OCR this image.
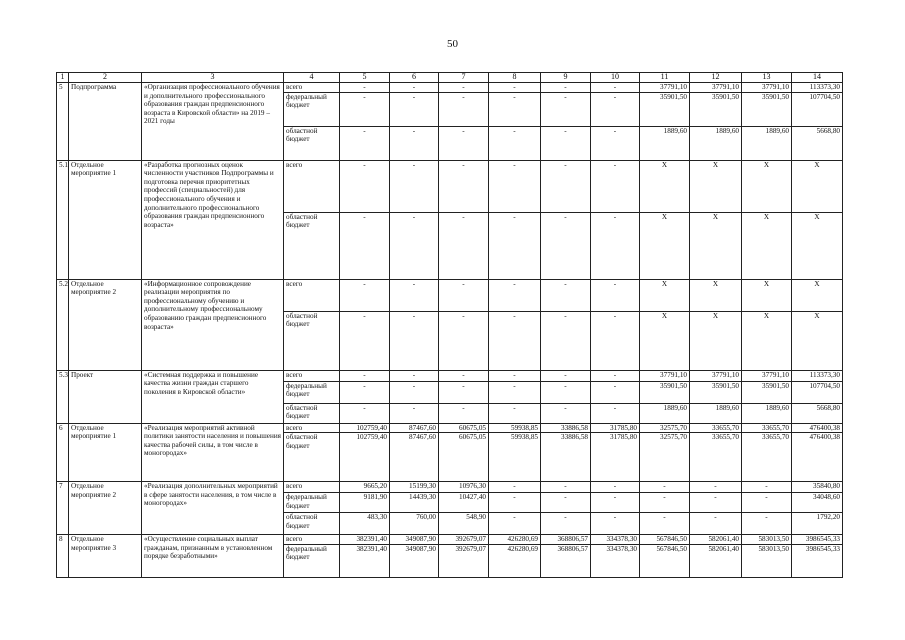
50
1	2	3	4	5	6	7	8	9	10	11	12	13	14
5	Подпрограмма	«Организация профессионального обучения и дополнительного профессионального образования граждан предпенсионного возраста в Кировской области» на 2019 – 2021 годы	всего	-	-	-	-	-	-	37791,10	37791,10	37791,10	113373,30
			федеральный бюджет	-	-	-	-	-	-	35901,50	35901,50	35901,50	107704,50
			областной бюджет	-	-	-	-	-	-	1889,60	1889,60	1889,60	5668,80
5.1	Отдельное мероприятие 1	«Разработка прогнозных оценок численности участников Подпрограммы и подготовка перечня приоритетных профессий (специальностей) для профессионального обучения и дополнительного профессионального образования граждан предпенсионного возраста»	всего	-	-	-	-	-	-	X	X	X	X
			областной бюджет	-	-	-	-	-	-	X	X	X	X
5.2	Отдельное мероприятие 2	«Информационное сопровождение реализации мероприятия по профессиональному обучению и дополнительному профессиональному образованию граждан предпенсионного возраста»	всего	-	-	-	-	-	-	X	X	X	X
			областной бюджет	-	-	-	-	-	-	X	X	X	X
5.3	Проект	«Системная поддержка и повышение качества жизни граждан старшего поколения в Кировской области»	всего	-	-	-	-	-	-	37791,10	37791,10	37791,10	113373,30
			федеральный бюджет	-	-	-	-	-	-	35901,50	35901,50	35901,50	107704,50
			областной бюджет	-	-	-	-	-	-	1889,60	1889,60	1889,60	5668,80
6	Отдельное мероприятие 1	«Реализация мероприятий активной политики занятости населения и повышения качества рабочей силы, в том числе в моногородах»	всего	102759,40	87467,60	60675,05	59938,85	33886,58	31785,80	32575,70	33655,70	33655,70	476400,38
			областной бюджет	102759,40	87467,60	60675,05	59938,85	33886,58	31785,80	32575,70	33655,70	33655,70	476400,38
7	Отдельное мероприятие 2	«Реализация дополнительных мероприятий в сфере занятости населения, в том числе в моногородах»	всего	9665,20	15199,30	10976,30	-	-	-	-	-	-	35840,80
			федеральный бюджет	9181,90	14439,30	10427,40	-	-	-	-	-	-	34048,60
			областной бюджет	483,30	760,00	548,90	-	-	-	-	-	-	1792,20
8	Отдельное мероприятие 3	«Осуществление социальных выплат гражданам, признанным в установленном порядке безработными»	всего	382391,40	349087,90	392679,07	426280,69	368806,57	334378,30	567846,50	582061,40	583013,50	3986545,33
			федеральный бюджет	382391,40	349087,90	392679,07	426280,69	368806,57	334378,30	567846,50	582061,40	583013,50	3986545,33
